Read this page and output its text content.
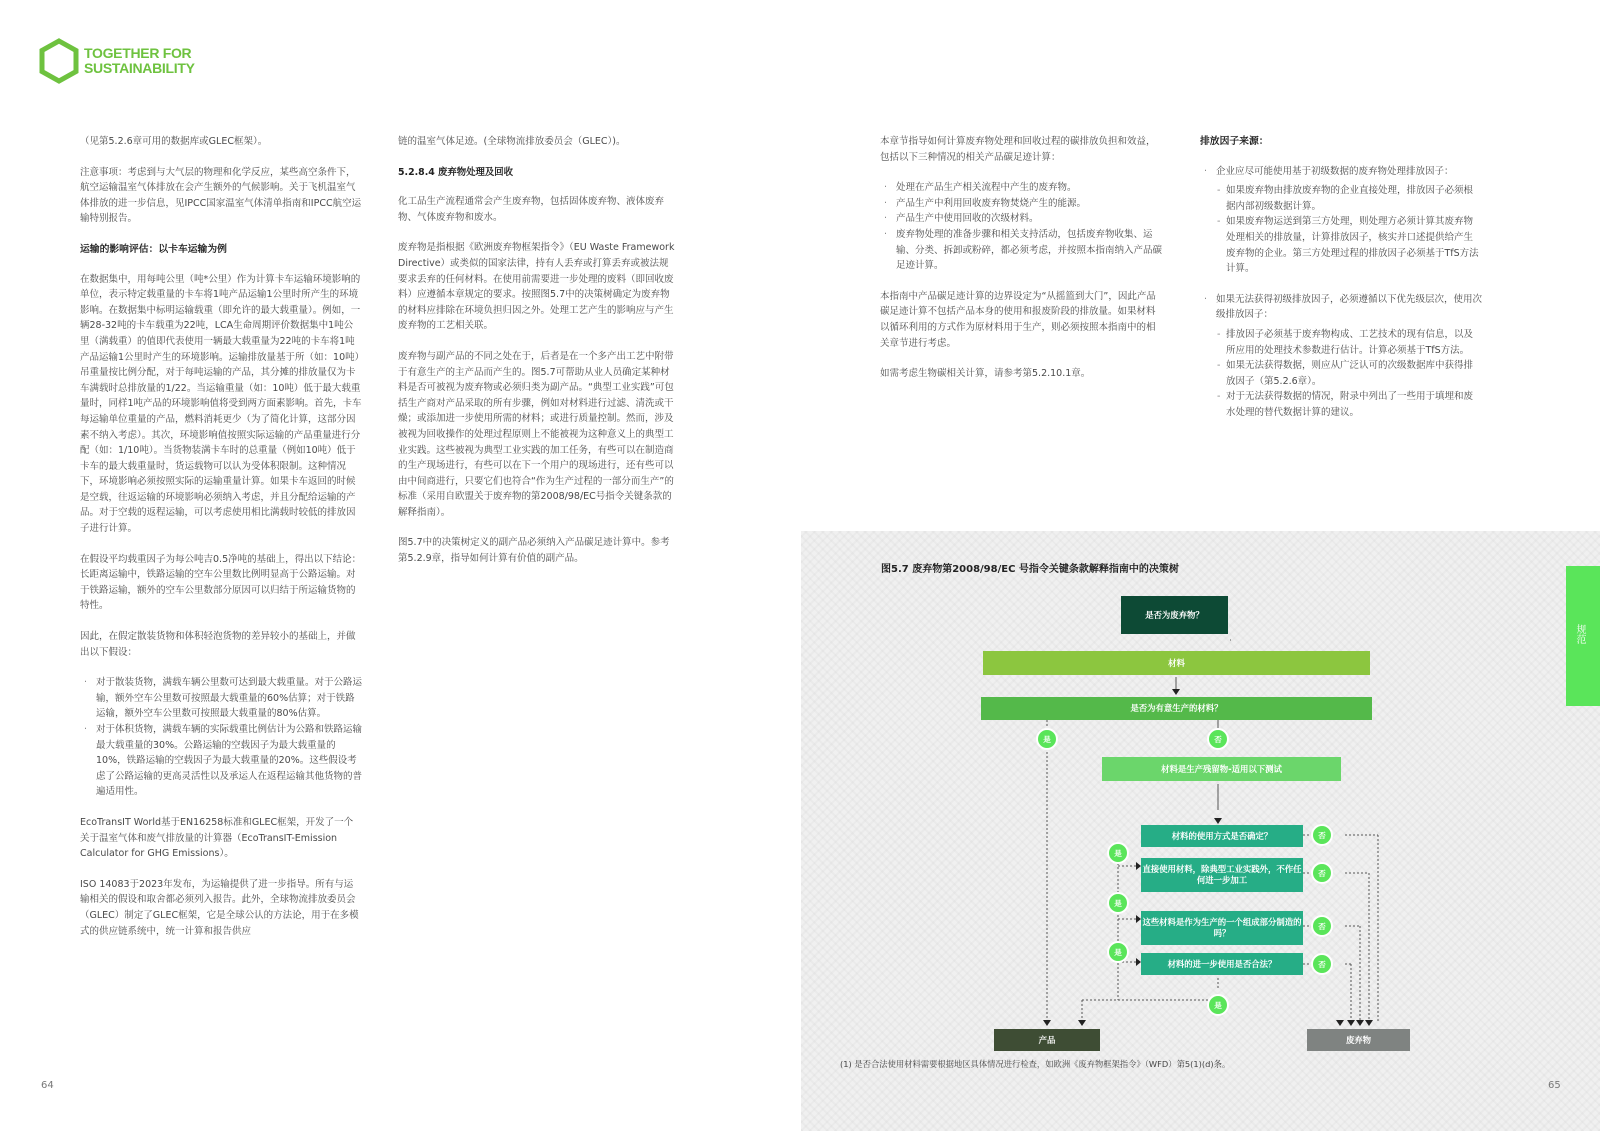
TOGETHER FOR
SUSTAINABILITY

（见第5.2.6章可用的数据库或GLEC框架）。

注意事项：考虑到与大气层的物理和化学反应，某些高空条件下，航空运输温室气体排放在会产生额外的气候影响。关于飞机温室气体排放的进一步信息，见IPCC国家温室气体清单指南和IPCC航空运输特别报告。

运输的影响评估：以卡车运输为例

在数据集中，用每吨公里（吨*公里）作为计算卡车运输环境影响的单位，表示特定载重量的卡车将1吨产品运输1公里时所产生的环境影响。在数据集中标明运输载重（即允许的最大载重量）。例如，一辆28-32吨的卡车载重为22吨，LCA生命周期评价数据集中1吨公里（满载重）的值即代表使用一辆最大载重量为22吨的卡车将1吨产品运输1公里时产生的环境影响。运输排放量基于所（如：10吨）吊重量按比例分配，对于每吨运输的产品，其分摊的排放量仅为卡车满载时总排放量的1/22。当运输重量（如：10吨）低于最大载重量时，同样1吨产品的环境影响值将受到两方面素影响。首先，卡车每运输单位重量的产品，燃料消耗更少（为了简化计算，这部分因素不纳入考虑）。其次，环境影响值按照实际运输的产品重量进行分配（如：1/10吨）。当货物装满卡车时的总重量（例如10吨）低于卡车的最大载重量时，货运载物可以认为受体积限制。这种情况下，环境影响必须按照实际的运输重量计算。如果卡车返回的时候是空载，往返运输的环境影响必须纳入考虑，并且分配给运输的产品。对于空载的返程运输，可以考虑使用相比满载时较低的排放因子进行计算。

在假设平均载重因子为每公吨吉0.5净吨的基础上，得出以下结论：长距离运输中，铁路运输的空车公里数比例明显高于公路运输。对于铁路运输，额外的空车公里数部分原因可以归结于所运输货物的特性。

因此，在假定散装货物和体积轻泡货物的差异较小的基础上，并做出以下假设：

· 对于散装货物，满载车辆公里数可达到最大载重量。对于公路运输，额外空车公里数可按照最大载重量的60%估算；对于铁路运输，额外空车公里数可按照最大载重量的80%估算。
· 对于体积货物，满载车辆的实际载重比例估计为公路和铁路运输最大载重量的30%。公路运输的空载因子为最大载重量的10%，铁路运输的空载因子为最大载重量的20%。这些假设考虑了公路运输的更高灵活性以及承运人在返程运输其他货物的普遍适用性。

EcoTransIT World基于EN16258标准和GLEC框架，开发了一个关于温室气体和废气排放量的计算器（EcoTransIT-Emission Calculator for GHG Emissions）。

ISO 14083于2023年发布，为运输提供了进一步指导。所有与运输相关的假设和取舍都必须列入报告。此外，全球物流排放委员会（GLEC）制定了GLEC框架，它是全球公认的方法论，用于在多模式的供应链系统中，统一计算和报告供应

链的温室气体足迹。(全球物流排放委员会（GLEC）)。

5.2.8.4 废弃物处理及回收

化工品生产流程通常会产生废弃物，包括固体废弃物、液体废弃物、气体废弃物和废水。

废弃物是指根据《欧洲废弃物框架指令》（EU Waste Framework Directive）或类似的国家法律，持有人丢弃或打算丢弃或被法规要求丢弃的任何材料。在使用前需要进一步处理的废料（即回收废料）应遵循本章规定的要求。按照图5.7中的决策树确定为废弃物的材料应排除在环境负担归因之外。处理工艺产生的影响应与产生废弃物的工艺相关联。

废弃物与副产品的不同之处在于，后者是在一个多产出工艺中附带于有意生产的主产品而产生的。图5.7可帮助从业人员确定某种材料是否可被视为废弃物或必须归类为副产品。“典型工业实践”可包括生产商对产品采取的所有步骤，例如对材料进行过滤、清洗或干燥；或添加进一步使用所需的材料；或进行质量控制。然而，涉及被视为回收操作的处理过程原则上不能被视为这种意义上的典型工业实践。这些被视为典型工业实践的加工任务，有些可以在制造商的生产现场进行，有些可以在下一个用户的现场进行，还有些可以由中间商进行，只要它们也符合“作为生产过程的一部分而生产”的标准（采用自欧盟关于废弃物的第2008/98/EC号指令关键条款的解释指南）。

图5.7中的决策树定义的副产品必须纳入产品碳足迹计算中。参考第5.2.9章，指导如何计算有价值的副产品。

64

本章节指导如何计算废弃物处理和回收过程的碳排放负担和效益，包括以下三种情况的相关产品碳足迹计算：

· 处理在产品生产相关流程中产生的废弃物。
· 产品生产中利用回收废弃物焚烧产生的能源。
· 产品生产中使用回收的次级材料。
· 废弃物处理的准备步骤和相关支持活动，包括废弃物收集、运输、分类、拆卸或粉碎，都必须考虑，并按照本指南纳入产品碳足迹计算。

本指南中产品碳足迹计算的边界设定为“从摇篮到大门”，因此产品碳足迹计算不包括产品本身的使用和报废阶段的排放量。如果材料以循环利用的方式作为原材料用于生产，则必须按照本指南中的相关章节进行考虑。

如需考虑生物碳相关计算，请参考第5.2.10.1章。

排放因子来源：
· 企业应尽可能使用基于初级数据的废弃物处理排放因子：
- 如果废弃物由排放废弃物的企业直接处理，排放因子必须根据内部初级数据计算。
- 如果废弃物运送到第三方处理，则处理方必须计算其废弃物处理相关的排放量，计算排放因子，核实并口述提供给产生废弃物的企业。第三方处理过程的排放因子必须基于TfS方法计算。
· 如果无法获得初级排放因子，必须遵循以下优先级层次，使用次级排放因子：
- 排放因子必须基于废弃物构成、工艺技术的现有信息，以及所应用的处理技术参数进行估计。计算必须基于TfS方法。
- 如果无法获得数据，则应从广泛认可的次级数据库中获得排放因子（第5.2.6章）。
- 对于无法获得数据的情况，附录中列出了一些用于填埋和废水处理的替代数据计算的建议。
图5.7 废弃物第2008/98/EC 号指令关键条款解释指南中的决策树
是否为废弃物？
材料
是否为有意生产的材料？
是	否
材料是生产残留物-适用以下测试
材料的使用方式是否确定？
直接使用材料，除典型工业实践外，不作任何进一步加工
这些材料是作为生产的一个组成部分制造的吗？
材料的进一步使用是否合法？
是
是
是
是
否
否
否
否
产品	废弃物
(1) 是否合法使用材料需要根据地区具体情况进行检查，如欧洲《废弃物框架指令》（WFD）第5(1)(d)条。
规范
65
